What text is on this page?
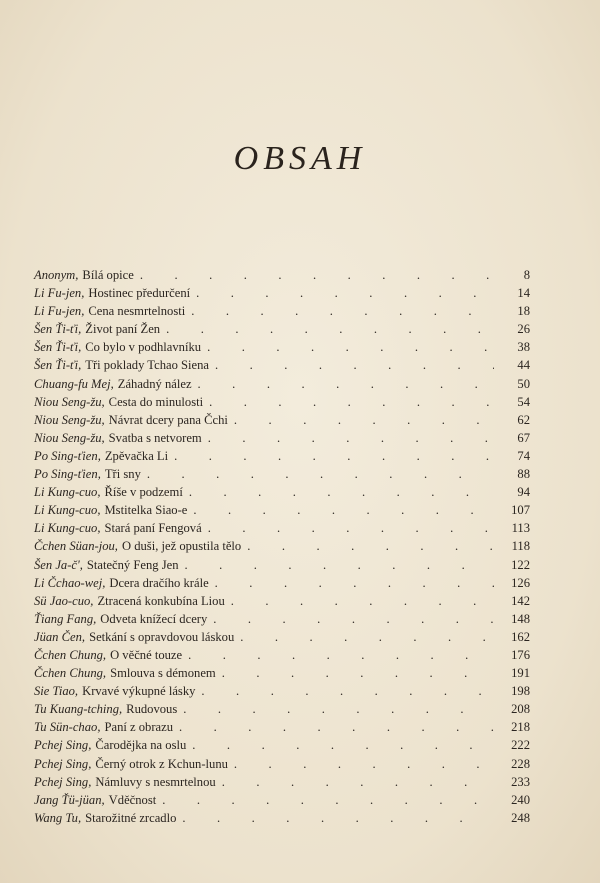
OBSAH
Anonym, Bílá opice .	8
Li Fu-jen, Hostinec předurčení .	14
Li Fu-jen, Cena nesmrtelnosti .	18
Šen Ťi-ťi, Život paní Žen .	26
Šen Ťi-ťi, Co bylo v podhlavníku .	38
Šen Ťi-ťi, Tři poklady Tchao Siena .	44
Chuang-fu Mej, Záhadný nález .	50
Niou Seng-žu, Cesta do minulosti .	54
Niou Seng-žu, Návrat dcery pana Čchi .	62
Niou Seng-žu, Svatba s netvorem .	67
Po Sing-ťien, Zpěvačka Li .	74
Po Sing-ťien, Tři sny .	88
Li Kung-cuo, Říše v podzemí .	94
Li Kung-cuo, Mstitelka Siao-e .	107
Li Kung-cuo, Stará paní Fengová .	113
Čchen Süan-jou, O duši, jež opustila tělo .	118
Šen Ja-č', Statečný Feng Jen .	122
Li Čchao-wej, Dcera dračího krále .	126
Sü Jao-cuo, Ztracená konkubína Liou .	142
Ťiang Fang, Odveta knížecí dcery .	148
Jüan Čen, Setkání s opravdovou láskou .	162
Čchen Chung, O věčné touze .	176
Čchen Chung, Smlouva s démonem .	191
Sie Tiao, Krvavé výkupné lásky .	198
Tu Kuang-tching, Rudovous .	208
Tu Sün-chao, Paní z obrazu .	218
Pchej Sing, Čarodějka na oslu .	222
Pchej Sing, Černý otrok z Kchun-lunu .	228
Pchej Sing, Námluvy s nesmrtelnou .	233
Jang Ťü-jüan, Vděčnost .	240
Wang Tu, Starožitné zrcadlo .	248
